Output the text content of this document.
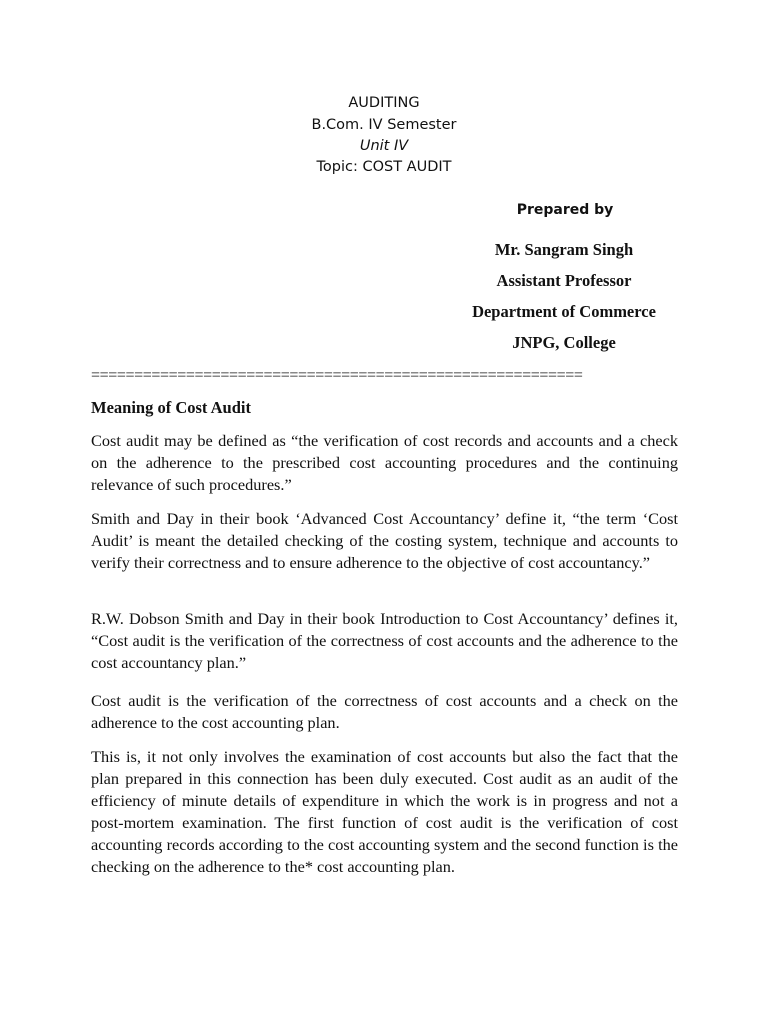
AUDITING
B.Com. IV Semester
Unit IV
Topic: COST AUDIT
Prepared by
Mr. Sangram Singh
Assistant Professor
Department of Commerce
JNPG, College
=========================================================
Meaning of Cost Audit

Cost audit may be defined as “the verification of cost records and accounts and a check on the adherence to the prescribed cost accounting procedures and the continuing relevance of such procedures.”

Smith and Day in their book ‘Advanced Cost Accountancy’ define it, “the term ‘Cost Audit’ is meant the detailed checking of the costing system, technique and accounts to verify their correctness and to ensure adherence to the objective of cost accountancy.”

R.W. Dobson Smith and Day in their book Introduction to Cost Accountancy’ defines it, “Cost audit is the verification of the correctness of cost accounts and the adherence to the cost accountancy plan.”

Cost audit is the verification of the correctness of cost accounts and a check on the adherence to the cost accounting plan.

This is, it not only involves the examination of cost accounts but also the fact that the plan prepared in this connection has been duly executed. Cost audit as an audit of the efficiency of minute details of expenditure in which the work is in progress and not a post-mortem examination. The first function of cost audit is the verification of cost accounting records according to the cost accounting system and the second function is the checking on the adherence to the* cost accounting plan.
